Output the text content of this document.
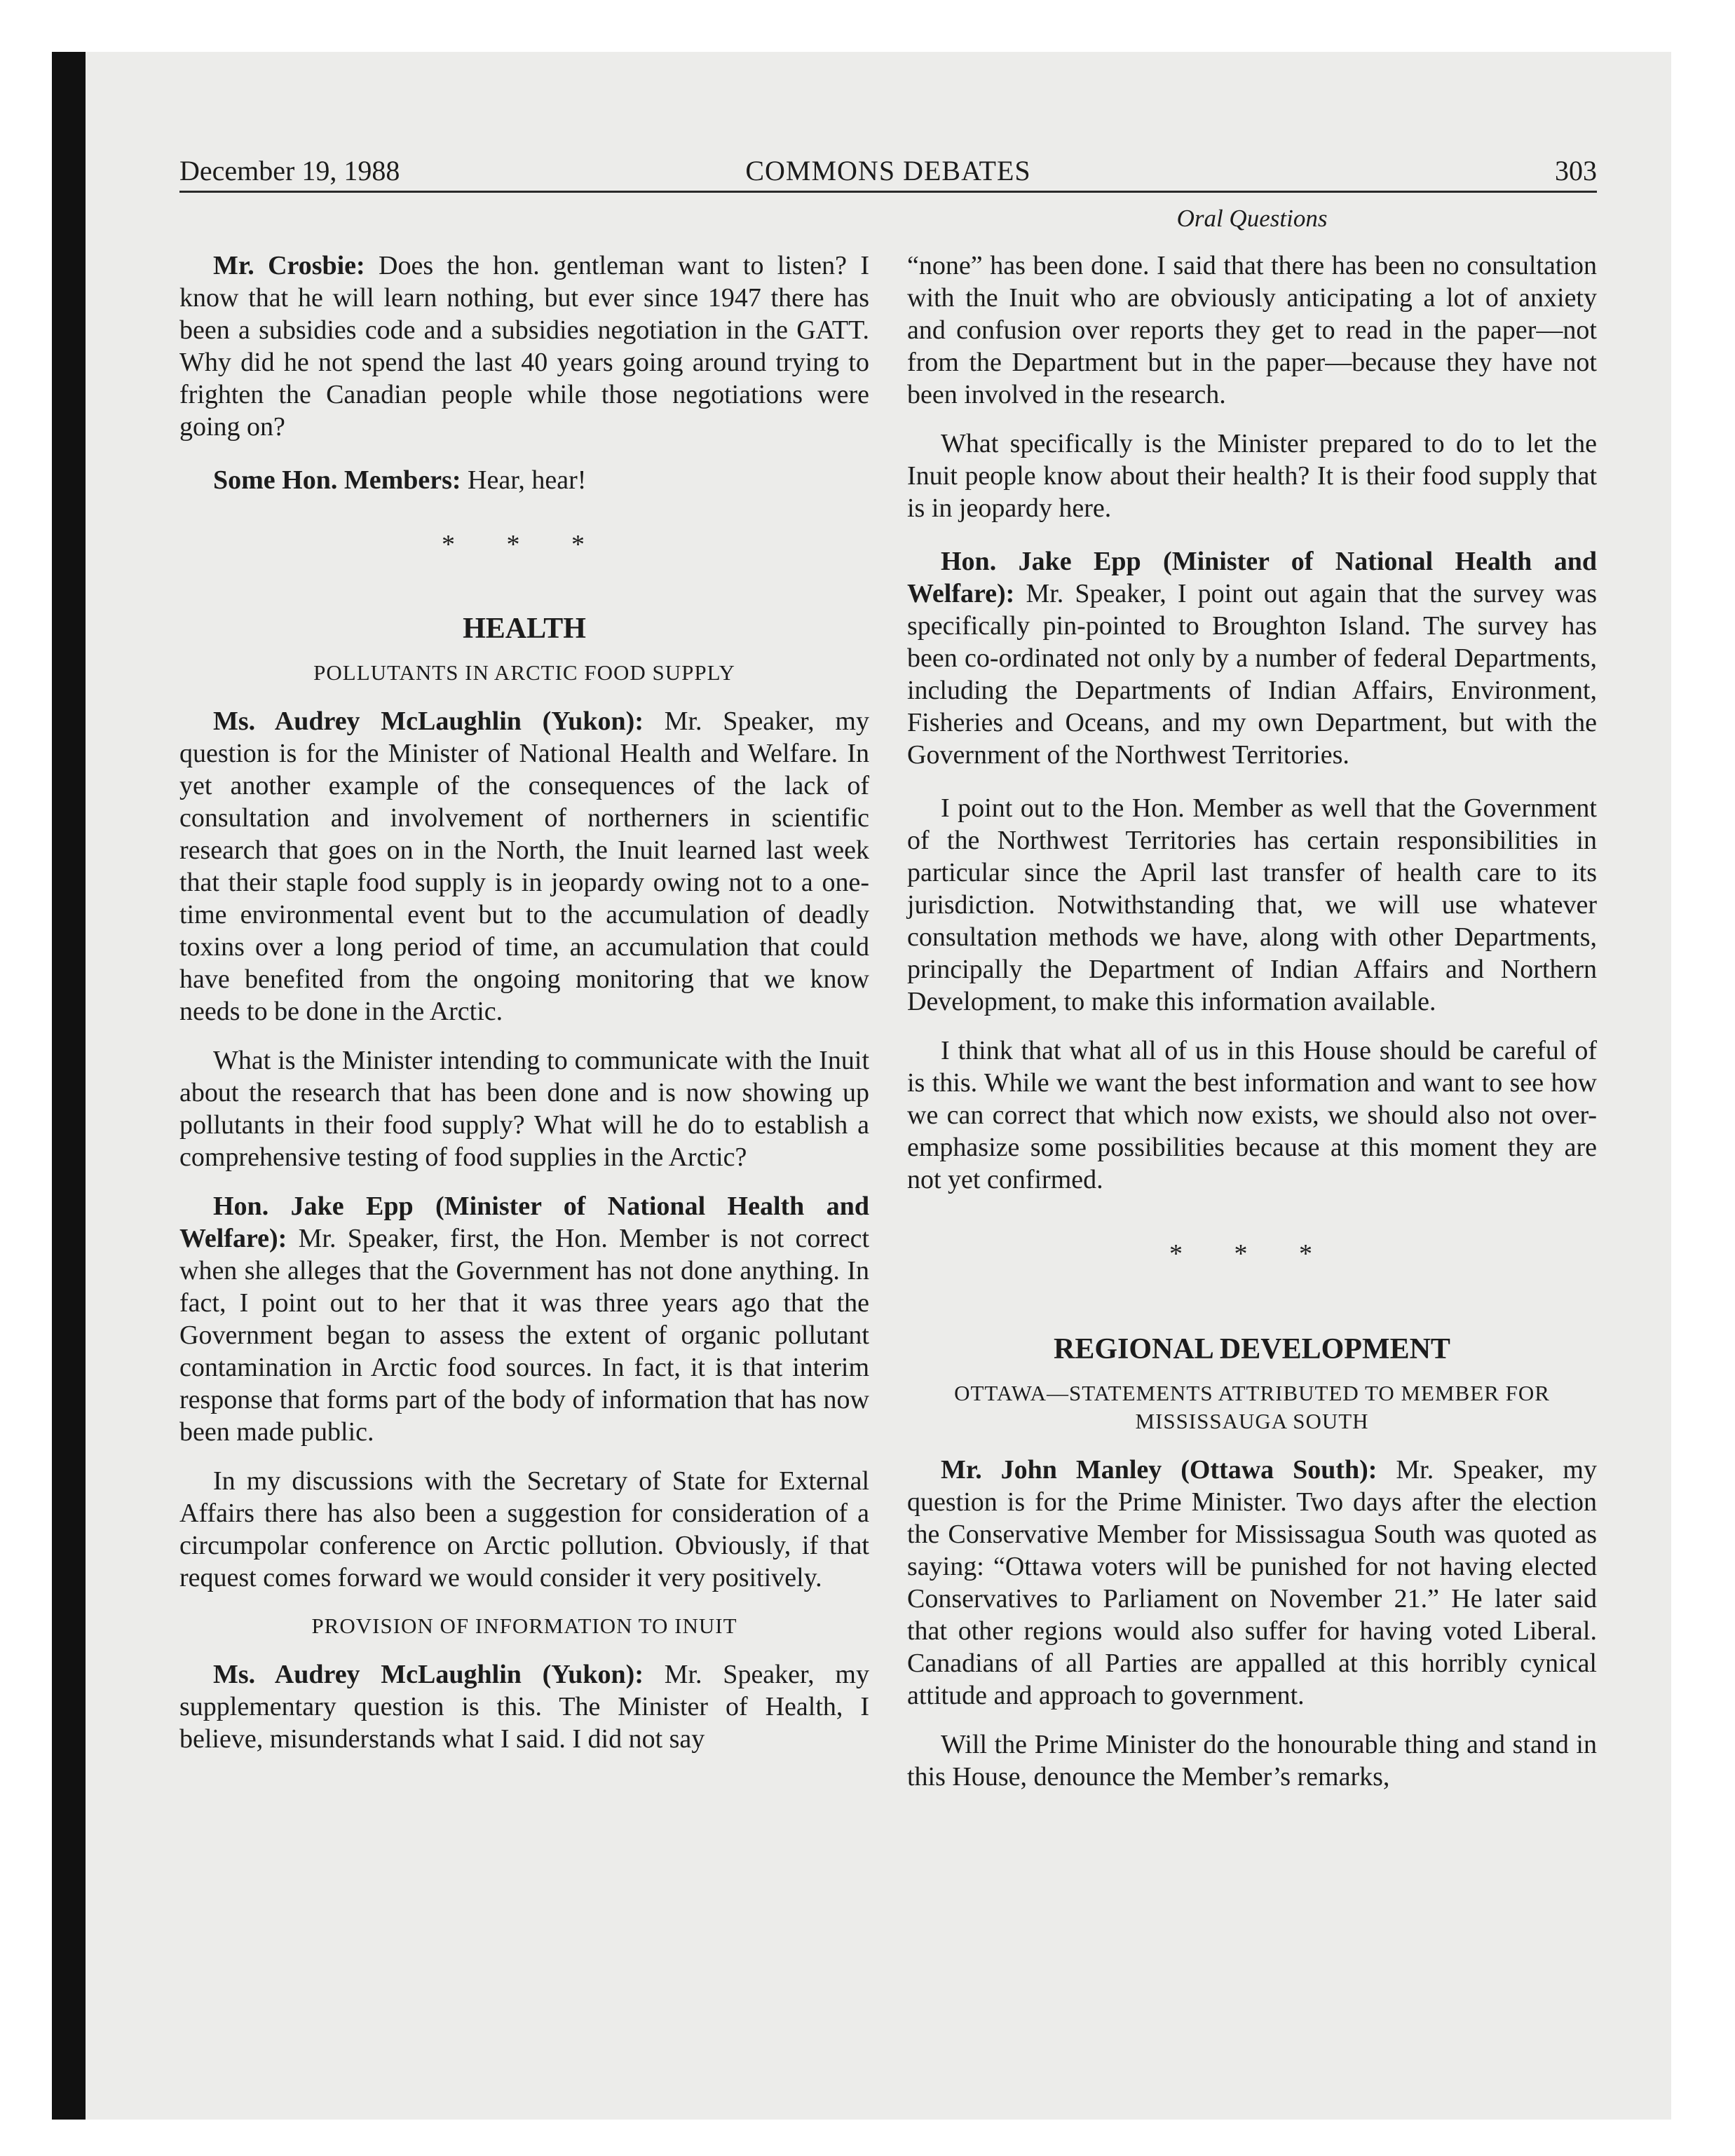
December 19, 1988	COMMONS DEBATES	303
Oral Questions

Mr. Crosbie: Does the hon. gentleman want to listen? I know that he will learn nothing, but ever since 1947 there has been a subsidies code and a subsidies negotiation in the GATT. Why did he not spend the last 40 years going around trying to frighten the Canadian people while those negotiations were going on?

Some Hon. Members: Hear, hear!

* * *
HEALTH
POLLUTANTS IN ARCTIC FOOD SUPPLY

Ms. Audrey McLaughlin (Yukon): Mr. Speaker, my question is for the Minister of National Health and Welfare. In yet another example of the consequences of the lack of consultation and involvement of northerners in scientific research that goes on in the North, the Inuit learned last week that their staple food supply is in jeopardy owing not to a one-time environmental event but to the accumulation of deadly toxins over a long period of time, an accumulation that could have benefited from the ongoing monitoring that we know needs to be done in the Arctic.

What is the Minister intending to communicate with the Inuit about the research that has been done and is now showing up pollutants in their food supply? What will he do to establish a comprehensive testing of food supplies in the Arctic?

Hon. Jake Epp (Minister of National Health and Welfare): Mr. Speaker, first, the Hon. Member is not correct when she alleges that the Government has not done anything. In fact, I point out to her that it was three years ago that the Government began to assess the extent of organic pollutant contamination in Arctic food sources. In fact, it is that interim response that forms part of the body of information that has now been made public.

In my discussions with the Secretary of State for External Affairs there has also been a suggestion for consideration of a circumpolar conference on Arctic pollution. Obviously, if that request comes forward we would consider it very positively.

PROVISION OF INFORMATION TO INUIT

Ms. Audrey McLaughlin (Yukon): Mr. Speaker, my supplementary question is this. The Minister of Health, I believe, misunderstands what I said. I did not say

“none” has been done. I said that there has been no consultation with the Inuit who are obviously anticipating a lot of anxiety and confusion over reports they get to read in the paper—not from the Department but in the paper—because they have not been involved in the research.

What specifically is the Minister prepared to do to let the Inuit people know about their health? It is their food supply that is in jeopardy here.

Hon. Jake Epp (Minister of National Health and Welfare): Mr. Speaker, I point out again that the survey was specifically pin-pointed to Broughton Island. The survey has been co-ordinated not only by a number of federal Departments, including the Departments of Indian Affairs, Environment, Fisheries and Oceans, and my own Department, but with the Government of the Northwest Territories.

I point out to the Hon. Member as well that the Government of the Northwest Territories has certain responsibilities in particular since the April last transfer of health care to its jurisdiction. Notwithstanding that, we will use whatever consultation methods we have, along with other Departments, principally the Department of Indian Affairs and Northern Development, to make this information available.

I think that what all of us in this House should be careful of is this. While we want the best information and want to see how we can correct that which now exists, we should also not over-emphasize some possibilities because at this moment they are not yet confirmed.

* * *
REGIONAL DEVELOPMENT
OTTAWA—STATEMENTS ATTRIBUTED TO MEMBER FOR MISSISSAUGA SOUTH

Mr. John Manley (Ottawa South): Mr. Speaker, my question is for the Prime Minister. Two days after the election the Conservative Member for Mississagua South was quoted as saying: “Ottawa voters will be punished for not having elected Conservatives to Parliament on November 21.” He later said that other regions would also suffer for having voted Liberal. Canadians of all Parties are appalled at this horribly cynical attitude and approach to government.

Will the Prime Minister do the honourable thing and stand in this House, denounce the Member’s remarks,
